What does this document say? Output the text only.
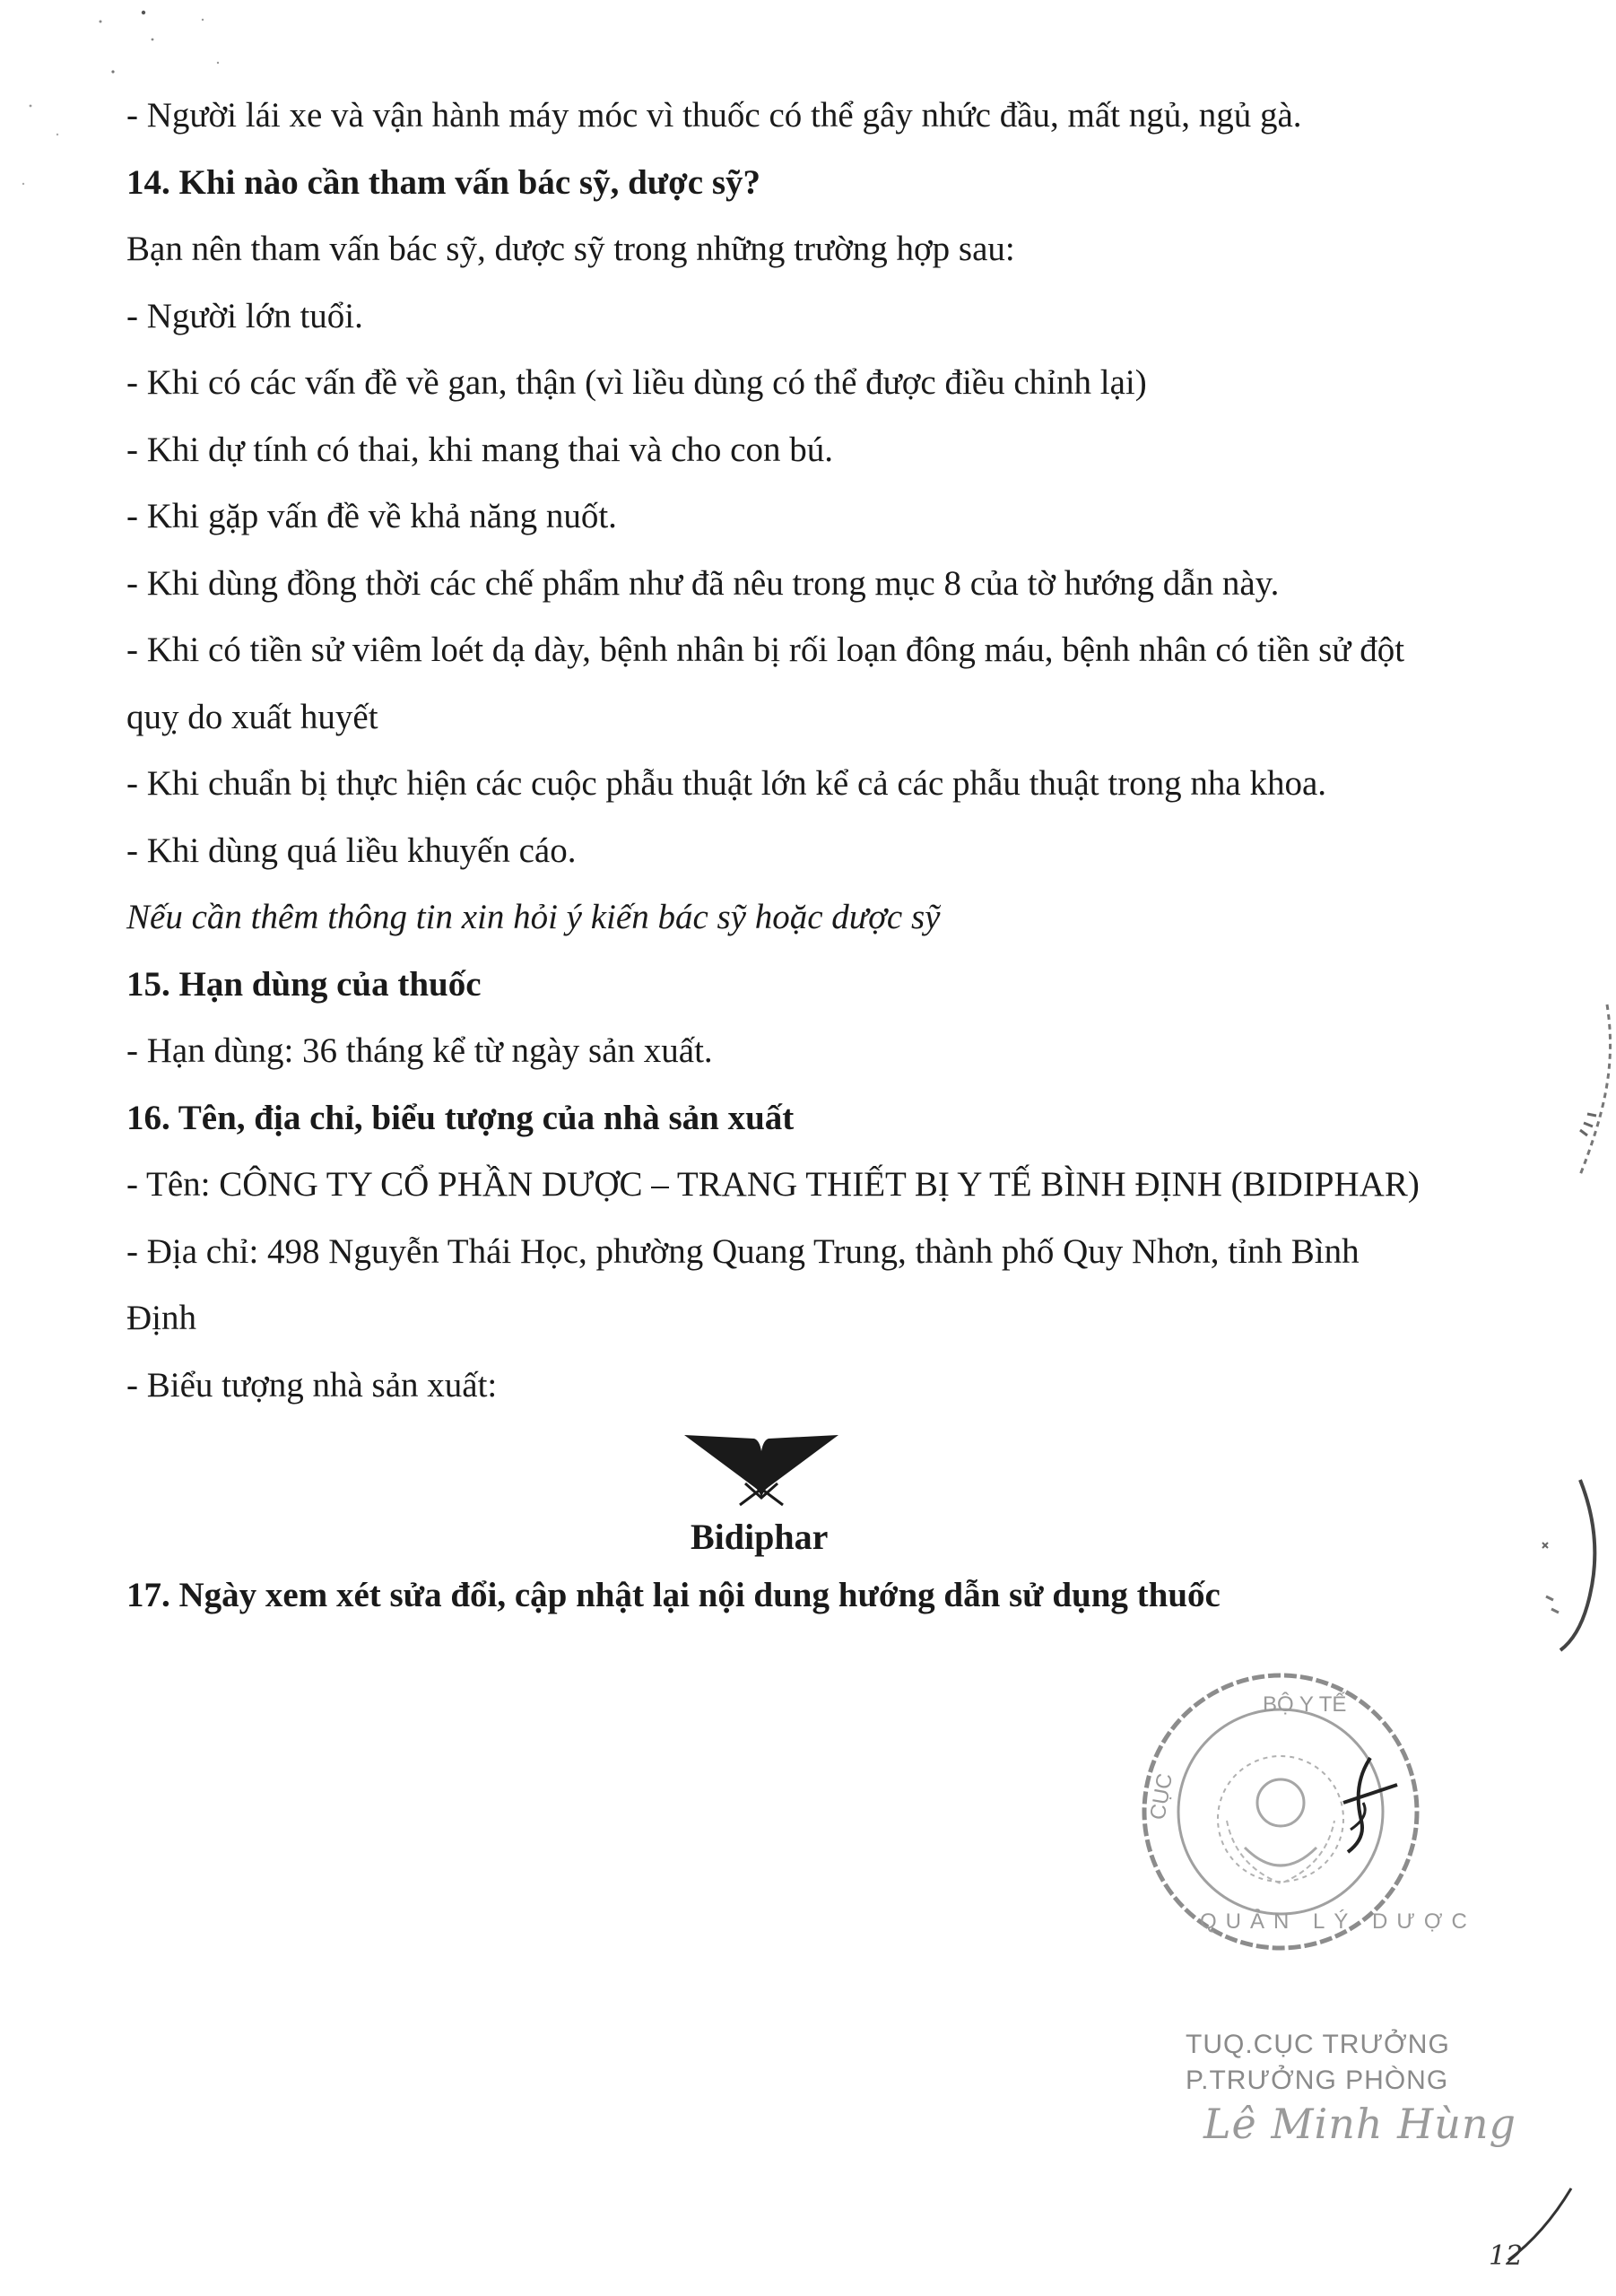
- Người lái xe và vận hành máy móc vì thuốc có thể gây nhức đầu, mất ngủ, ngủ gà.
14. Khi nào cần tham vấn bác sỹ, dược sỹ?
Bạn nên tham vấn bác sỹ, dược sỹ trong những trường hợp sau:
- Người lớn tuổi.
- Khi có các vấn đề về gan, thận (vì liều dùng có thể được điều chỉnh lại)
- Khi dự tính có thai, khi mang thai và cho con bú.
- Khi gặp vấn đề về khả năng nuốt.
- Khi dùng đồng thời các chế phẩm như đã nêu trong mục 8 của tờ hướng dẫn này.
- Khi có tiền sử viêm loét dạ dày, bệnh nhân bị rối loạn đông máu, bệnh nhân có tiền sử đột
quỵ do xuất huyết
- Khi chuẩn bị thực hiện các cuộc phẫu thuật lớn kể cả các phẫu thuật trong nha khoa.
- Khi dùng quá liều khuyến cáo.
Nếu cần thêm thông tin xin hỏi ý kiến bác sỹ hoặc dược sỹ
15. Hạn dùng của thuốc
- Hạn dùng: 36 tháng kể từ ngày sản xuất.
16. Tên, địa chỉ, biểu tượng của nhà sản xuất
- Tên: CÔNG TY CỔ PHẦN DƯỢC – TRANG THIẾT BỊ Y TẾ BÌNH ĐỊNH (BIDIPHAR)
- Địa chỉ: 498 Nguyễn Thái Học, phường Quang Trung, thành phố Quy Nhơn, tỉnh Bình
Định
- Biểu tượng nhà sản xuất:
Bidiphar
17. Ngày xem xét sửa đổi, cập nhật lại nội dung hướng dẫn sử dụng thuốc
BỘ Y TẾ
CỤC
QUẢN LÝ DƯỢC
TUQ.CỤC TRƯỞNG
P.TRƯỞNG PHÒNG
Lê Minh Hùng
12
